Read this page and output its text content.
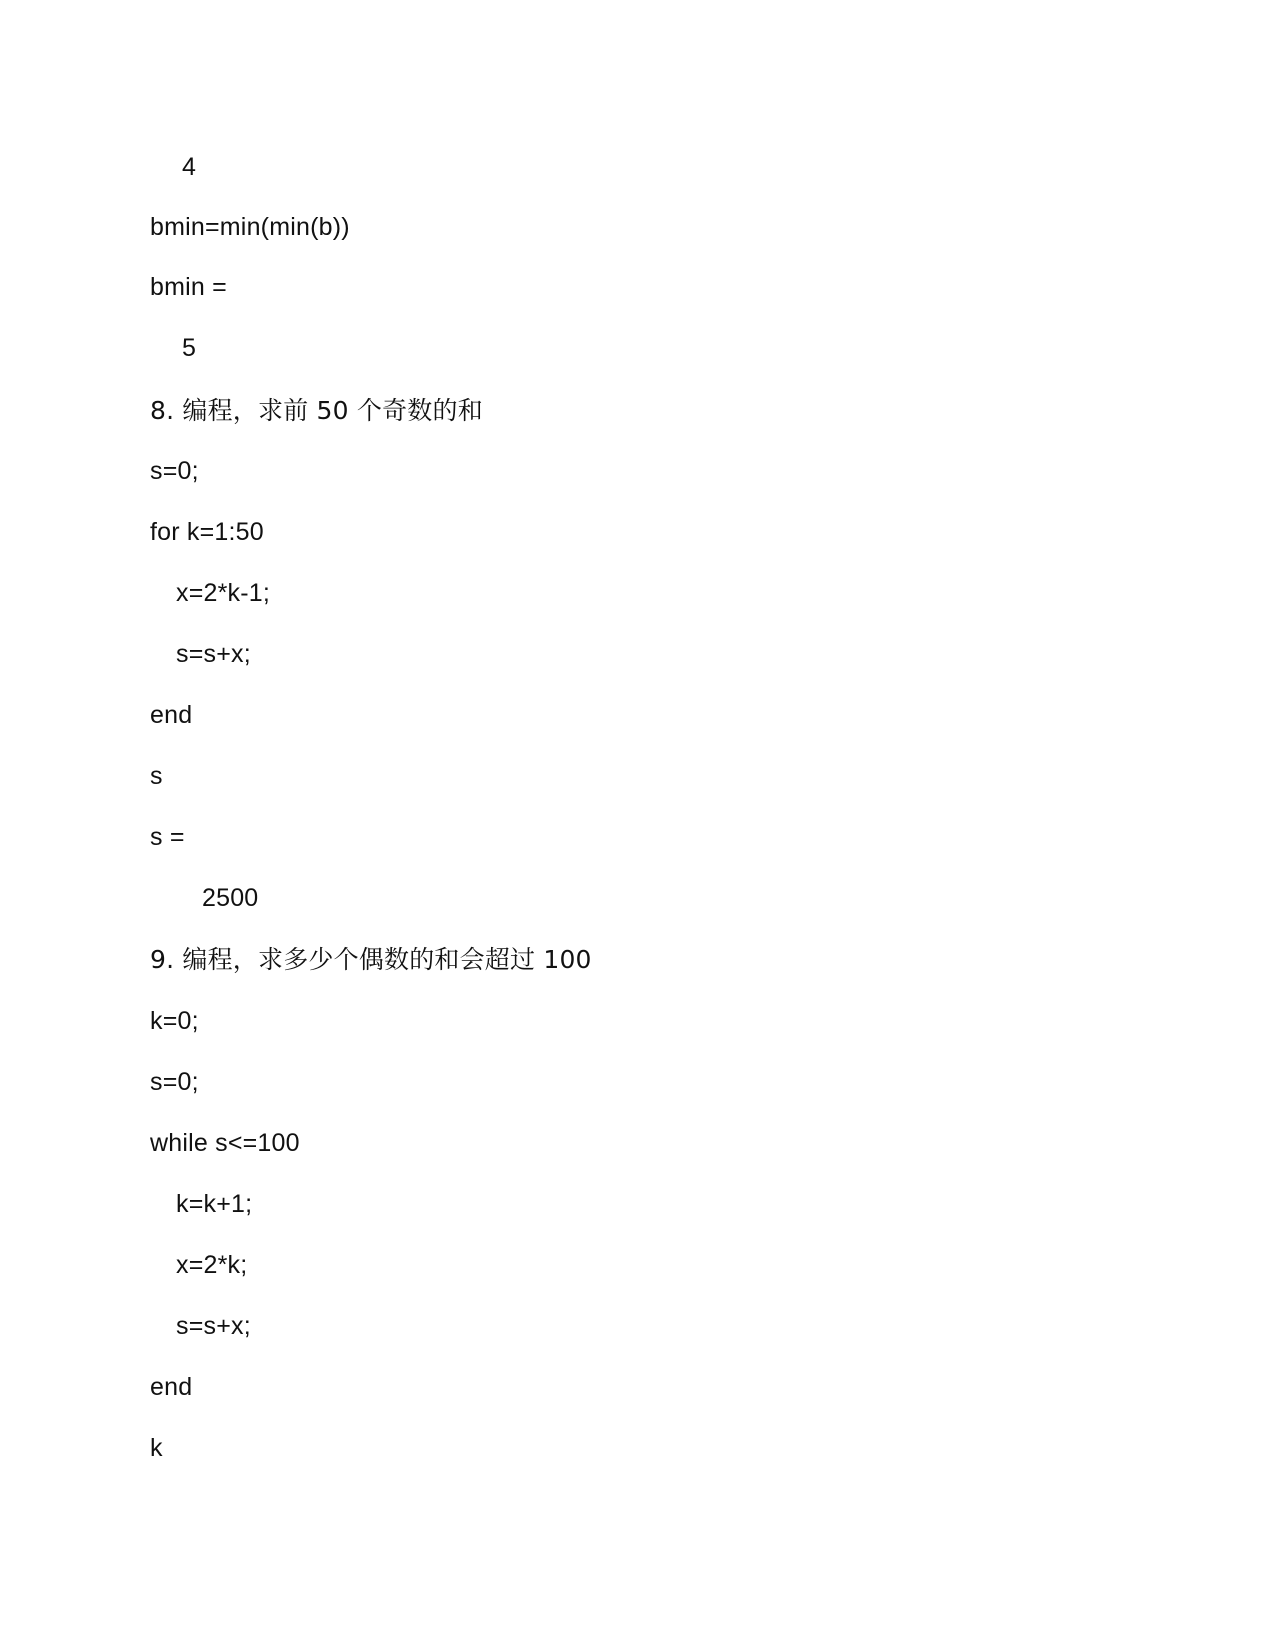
4
bmin=min(min(b))
bmin =
5
8. 编程，求前 50 个奇数的和
s=0;
for k=1:50
x=2*k-1;
s=s+x;
end
s
s =
2500
9. 编程，求多少个偶数的和会超过 100
k=0;
s=0;
while s<=100
k=k+1;
x=2*k;
s=s+x;
end
k
